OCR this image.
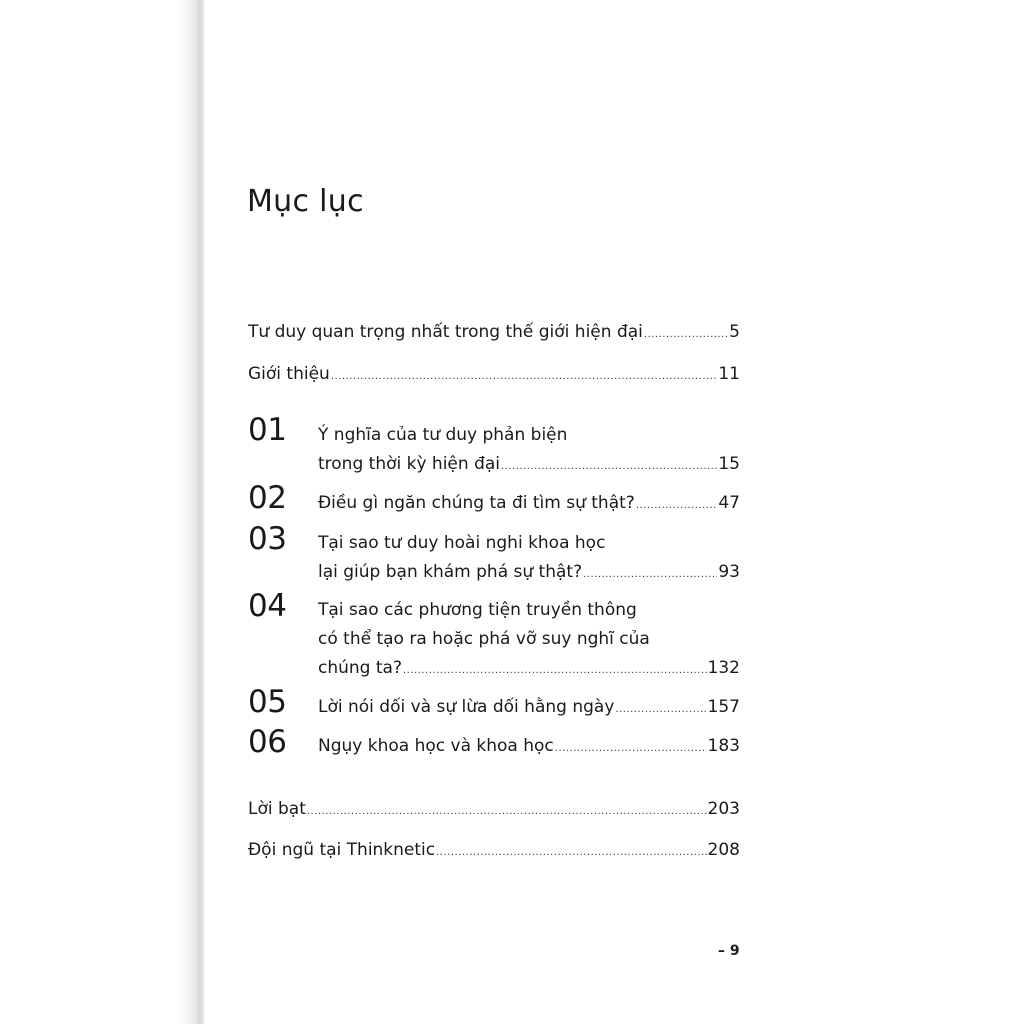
Mục lục
Tư duy quan trọng nhất trong thế giới hiện đại .....	5
Giới thiệu .....	11
01 Ý nghĩa của tư duy phản biện
trong thời kỳ hiện đại .....	15
02 Điều gì ngăn chúng ta đi tìm sự thật? .....	47
03 Tại sao tư duy hoài nghi khoa học
lại giúp bạn khám phá sự thật? .....	93
04 Tại sao các phương tiện truyền thông
có thể tạo ra hoặc phá vỡ suy nghĩ của
chúng ta? .....	132
05 Lời nói dối và sự lừa dối hằng ngày .....	157
06 Ngụy khoa học và khoa học .....	183
Lời bạt .....	203
Đội ngũ tại Thinknetic .....	208
– 9
